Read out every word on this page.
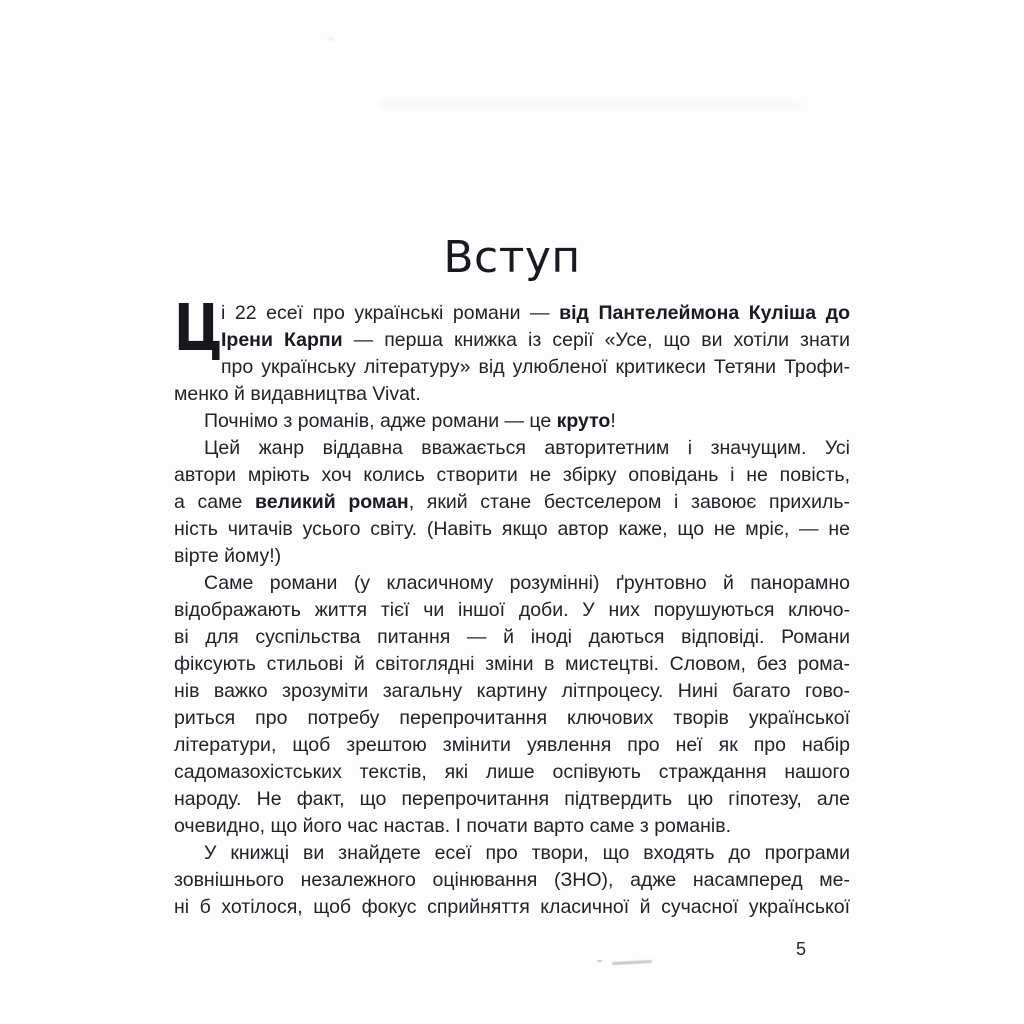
Вступ
Ц
і 22 есеї про українські романи — від Пантелеймона Куліша до
Ірени Карпи — перша книжка із серії «Усе, що ви хотіли знати
про українську літературу» від улюбленої критикеси Тетяни Трофи-
менко й видавництва Vivat.
Почнімо з романів, адже романи — це круто!
Цей жанр віддавна вважається авторитетним і значущим. Усі
автори мріють хоч колись створити не збірку оповідань і не повість,
а саме великий роман, який стане бестселером і завоює прихиль-
ність читачів усього світу. (Навіть якщо автор каже, що не мріє, — не
вірте йому!)
Саме романи (у класичному розумінні) ґрунтовно й панорамно
відображають життя тієї чи іншої доби. У них порушуються ключо-
ві для суспільства питання — й іноді даються відповіді. Романи
фіксують стильові й світоглядні зміни в мистецтві. Словом, без рома-
нів важко зрозуміти загальну картину літпроцесу. Нині багато гово-
риться про потребу перепрочитання ключових творів української
літератури, щоб зрештою змінити уявлення про неї як про набір
садомазохістських текстів, які лише оспівують страждання нашого
народу. Не факт, що перепрочитання підтвердить цю гіпотезу, але
очевидно, що його час настав. І почати варто саме з романів.
У книжці ви знайдете есеї про твори, що входять до програми
зовнішнього незалежного оцінювання (ЗНО), адже насамперед ме-
ні б хотілося, щоб фокус сприйняття класичної й сучасної української
5
